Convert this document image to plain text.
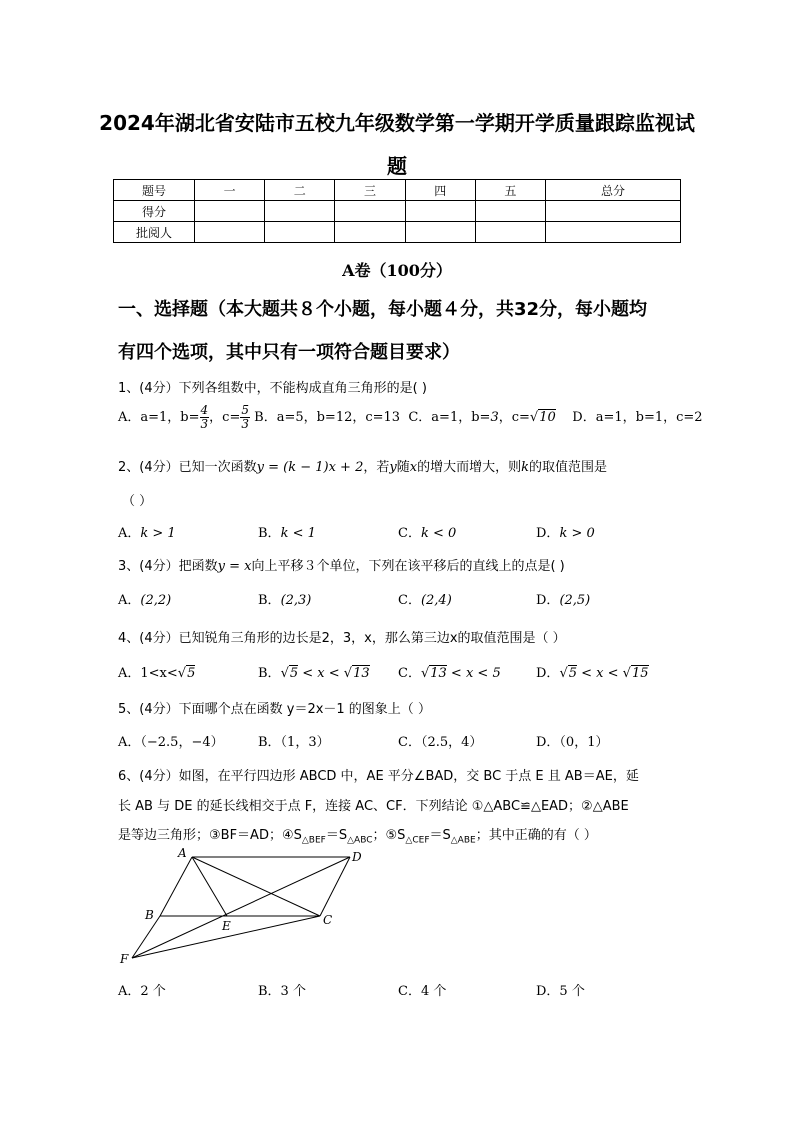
2024年湖北省安陆市五校九年级数学第一学期开学质量跟踪监视试
题
题号	一	二	三	四	五	总分
得分						
批阅人						
A卷（100分）
一、选择题（本大题共８个小题，每小题４分，共32分，每小题均
有四个选项，其中只有一项符合题目要求）
1、(4分）下列各组数中，不能构成直角三角形的是( )
A．a=1，$b= \frac{4}{3}$ ，$c= \frac{5}{3}$ B．a=5，b=12，c=13 C．a=1，b=3，c=√10 D．a=1，b=1，c=2
2、(4分）已知一次函数y = (k − 1)x + 2，若y随x的增大而增大，则k的取值范围是
（ ）
A．k > 1	B．k < 1	C．k < 0	D．k > 0
3、(4分）把函数y = x向上平移３个单位，下列在该平移后的直线上的点是( )
A．(2,2)	B．(2,3)	C．(2,4)	D．(2,5)
4、(4分）已知锐角三角形的边长是2，3，x，那么第三边x的取值范围是（ ）
A．1<x<√5	B．√5 < x < √13 C．√13 < x < 5	D．√5 < x < √15
5、(4分）下面哪个点在函数 y＝2x－1 的图象上（ ）
A．（−2.5，−4）	B．（1，3）	C．（2.5，4）	D．（0，1）
6、(4分）如图，在平行四边形 ABCD 中，AE 平分∠BAD，交 BC 于点 E 且 AB＝AE，延
长 AB 与 DE 的延长线相交于点 F，连接 AC、CF．下列结论 ①△ABC≌△EAD；②△ABE
是等边三角形；③BF＝AD；$④S_{\triangle BEF}=S_{\triangle ABC}$；$⑤S_{\triangle CEF}=S_{\triangle ABE}$；其中正确的有（ ）
A	D
B	C
E
F
A．2 个	B．3 个	C．4 个	D．5 个
